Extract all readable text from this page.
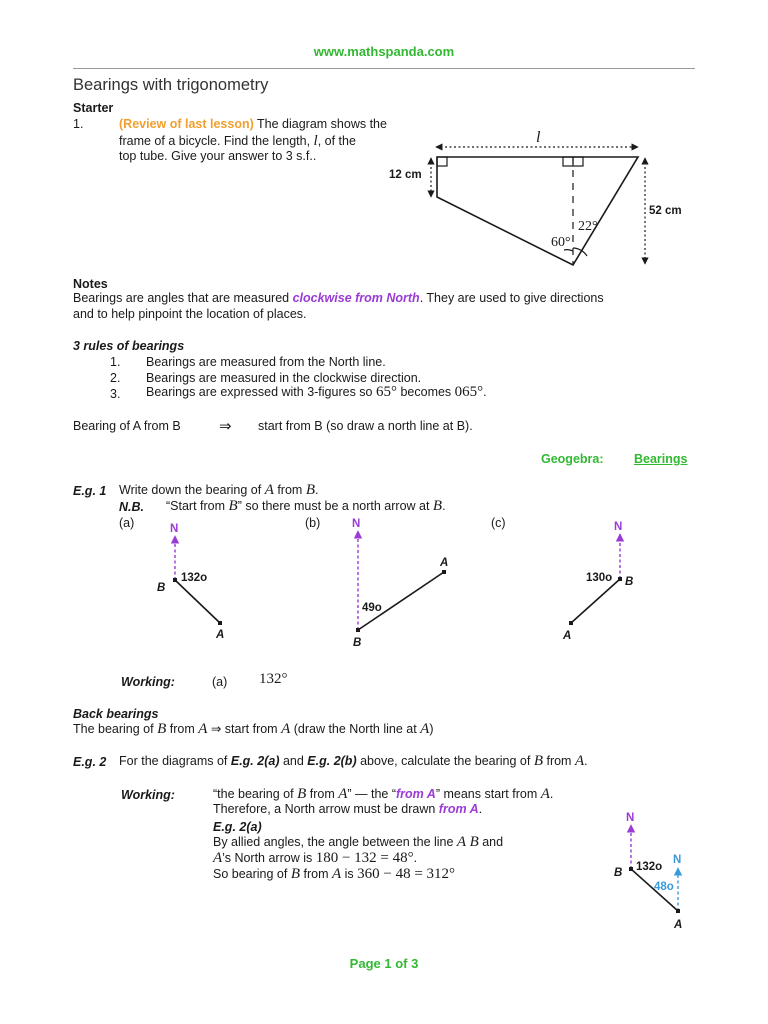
www.mathspanda.com
Bearings with trigonometry
Starter
1.	(Review of last lesson) The diagram shows the
frame of a bicycle. Find the length, l, of the
top tube. Give your answer to 3 s.f..
l
12 cm
52 cm
22°
60°
Notes
Bearings are angles that are measured clockwise from North. They are used to give directions
and to help pinpoint the location of places.
3 rules of bearings
1. Bearings are measured from the North line.
2. Bearings are measured in the clockwise direction.
3. Bearings are expressed with 3-figures so 65° becomes 065°.
Bearing of A from B	⇒ start from B (so draw a north line at B).
Geogebra: Bearings
E.g. 1 Write down the bearing of A from B.
N.B. “Start from B” so there must be a north arrow at B.
(a)	(b)	(c)
N
132o
B
A
N
49o
B
A
N
130o B
A
Working:	(a) 132°
Back bearings
The bearing of B from A ⇒ start from A (draw the North line at A)
E.g. 2 For the diagrams of E.g. 2(a) and E.g. 2(b) above, calculate the bearing of B from A.
Working:	“the bearing of B from A” — the “from A” means start from A.
Therefore, a North arrow must be drawn from A.
E.g. 2(a)
By allied angles, the angle between the line A B and
A’s North arrow is 180 − 132 = 48°.
So bearing of B from A is 360 − 48 = 312°
N
N
132o
48o
B
A
Page 1 of 3
